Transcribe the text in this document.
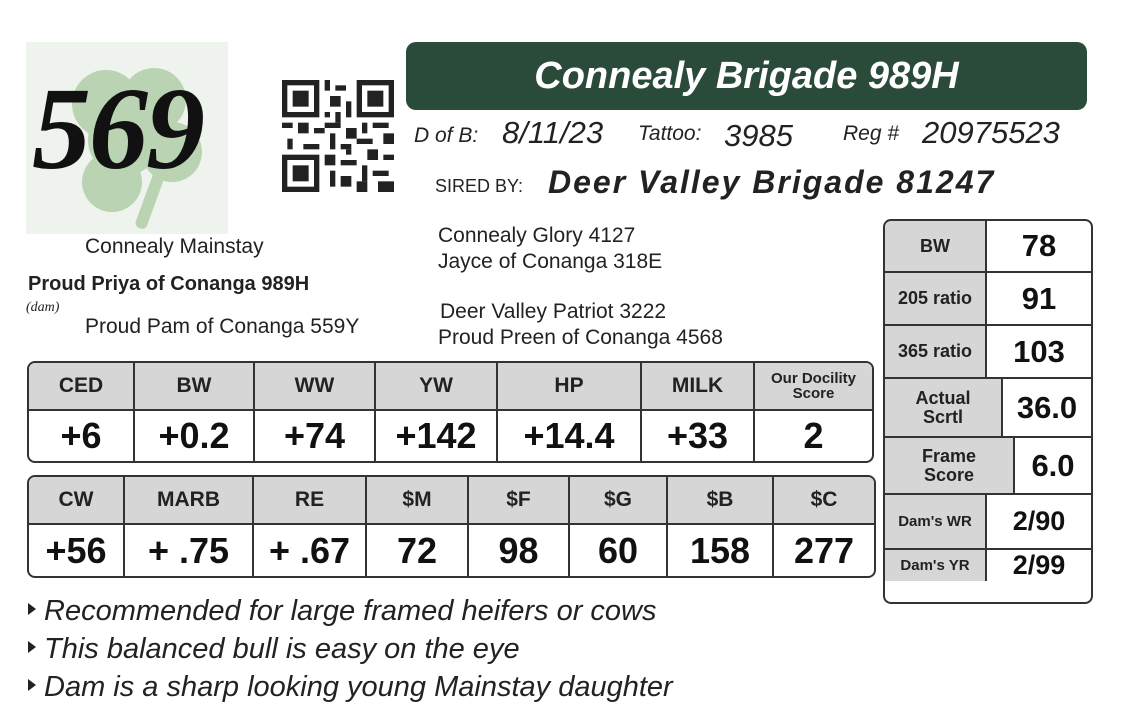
569	Connealy Brigade 989H
D of B: 8/11/23 Tattoo: 3985 Reg # 20975523
SIRED BY: Deer Valley Brigade 81247
Connealy Mainstay
Proud Priya of Conanga 989H
(dam)
Proud Pam of Conanga 559Y
Connealy Glory 4127
Jayce of Conanga 318E
Deer Valley Patriot 3222
Proud Preen of Conanga 4568
CED	BW	WW	YW	HP	MILK	Our Docility Score
+6	+0.2	+74	+142	+14.4	+33	2
CW	MARB	RE	$M	$F	$G	$B	$C
+56	+ .75	+ .67	72	98	60	158	277
BW	78
205 ratio	91
365 ratio	103
Actual Scrtl	36.0
Frame Score	6.0
Dam's WR	2/90
Dam's YR	2/99
Recommended for large framed heifers or cows
This balanced bull is easy on the eye
Dam is a sharp looking young Mainstay daughter
